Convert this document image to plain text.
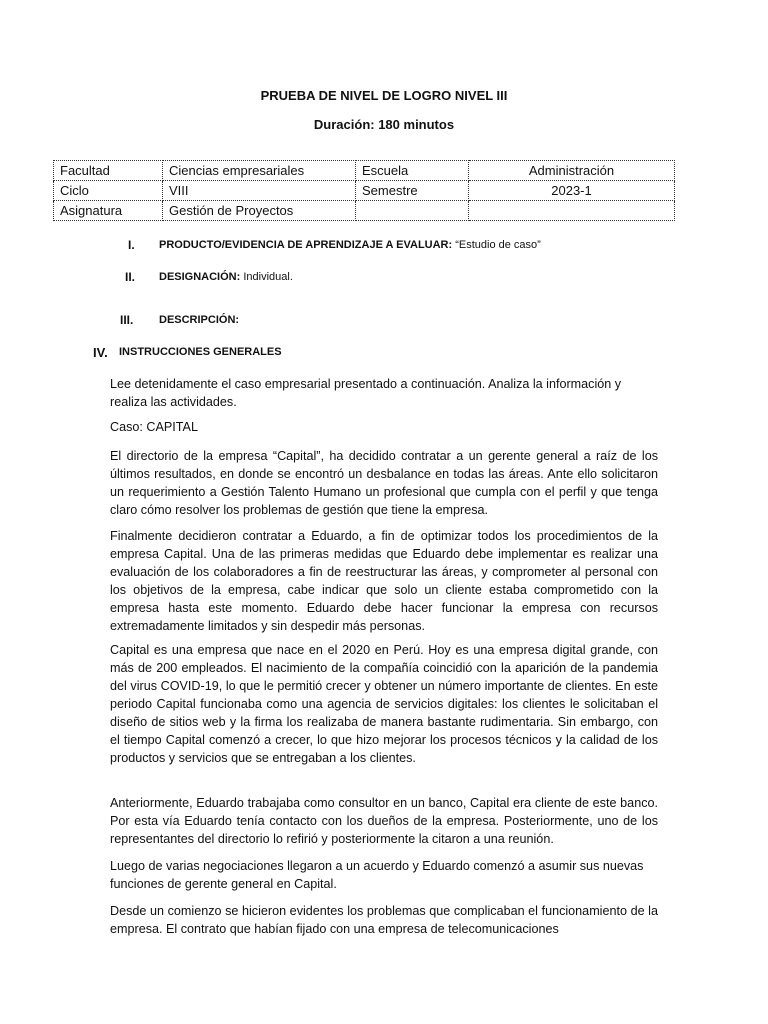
PRUEBA DE NIVEL DE LOGRO NIVEL III
Duración: 180 minutos
Facultad	Ciencias empresariales	Escuela	Administración
Ciclo	VIII	Semestre	2023-1
Asignatura	Gestión de Proyectos		
I. PRODUCTO/EVIDENCIA DE APRENDIZAJE A EVALUAR: “Estudio de caso”
II. DESIGNACIÓN: Individual.
III. DESCRIPCIÓN:
IV. INSTRUCCIONES GENERALES

Lee detenidamente el caso empresarial presentado a continuación. Analiza la información y realiza las actividades.

Caso: CAPITAL

El directorio de la empresa “Capital”, ha decidido contratar a un gerente general a raíz de los últimos resultados, en donde se encontró un desbalance en todas las áreas. Ante ello solicitaron un requerimiento a Gestión Talento Humano un profesional que cumpla con el perfil y que tenga claro cómo resolver los problemas de gestión que tiene la empresa.

Finalmente decidieron contratar a Eduardo, a fin de optimizar todos los procedimientos de la empresa Capital. Una de las primeras medidas que Eduardo debe implementar es realizar una evaluación de los colaboradores a fin de reestructurar las áreas, y comprometer al personal con los objetivos de la empresa, cabe indicar que solo un cliente estaba comprometido con la empresa hasta este momento. Eduardo debe hacer funcionar la empresa con recursos extremadamente limitados y sin despedir más personas.

Capital es una empresa que nace en el 2020 en Perú. Hoy es una empresa digital grande, con más de 200 empleados. El nacimiento de la compañía coincidió con la aparición de la pandemia del virus COVID-19, lo que le permitió crecer y obtener un número importante de clientes. En este periodo Capital funcionaba como una agencia de servicios digitales: los clientes le solicitaban el diseño de sitios web y la firma los realizaba de manera bastante rudimentaria. Sin embargo, con el tiempo Capital comenzó a crecer, lo que hizo mejorar los procesos técnicos y la calidad de los productos y servicios que se entregaban a los clientes.

Anteriormente, Eduardo trabajaba como consultor en un banco, Capital era cliente de este banco. Por esta vía Eduardo tenía contacto con los dueños de la empresa. Posteriormente, uno de los representantes del directorio lo refirió y posteriormente la citaron a una reunión.

Luego de varias negociaciones llegaron a un acuerdo y Eduardo comenzó a asumir sus nuevas funciones de gerente general en Capital.

Desde un comienzo se hicieron evidentes los problemas que complicaban el funcionamiento de la empresa. El contrato que habían fijado con una empresa de telecomunicaciones
